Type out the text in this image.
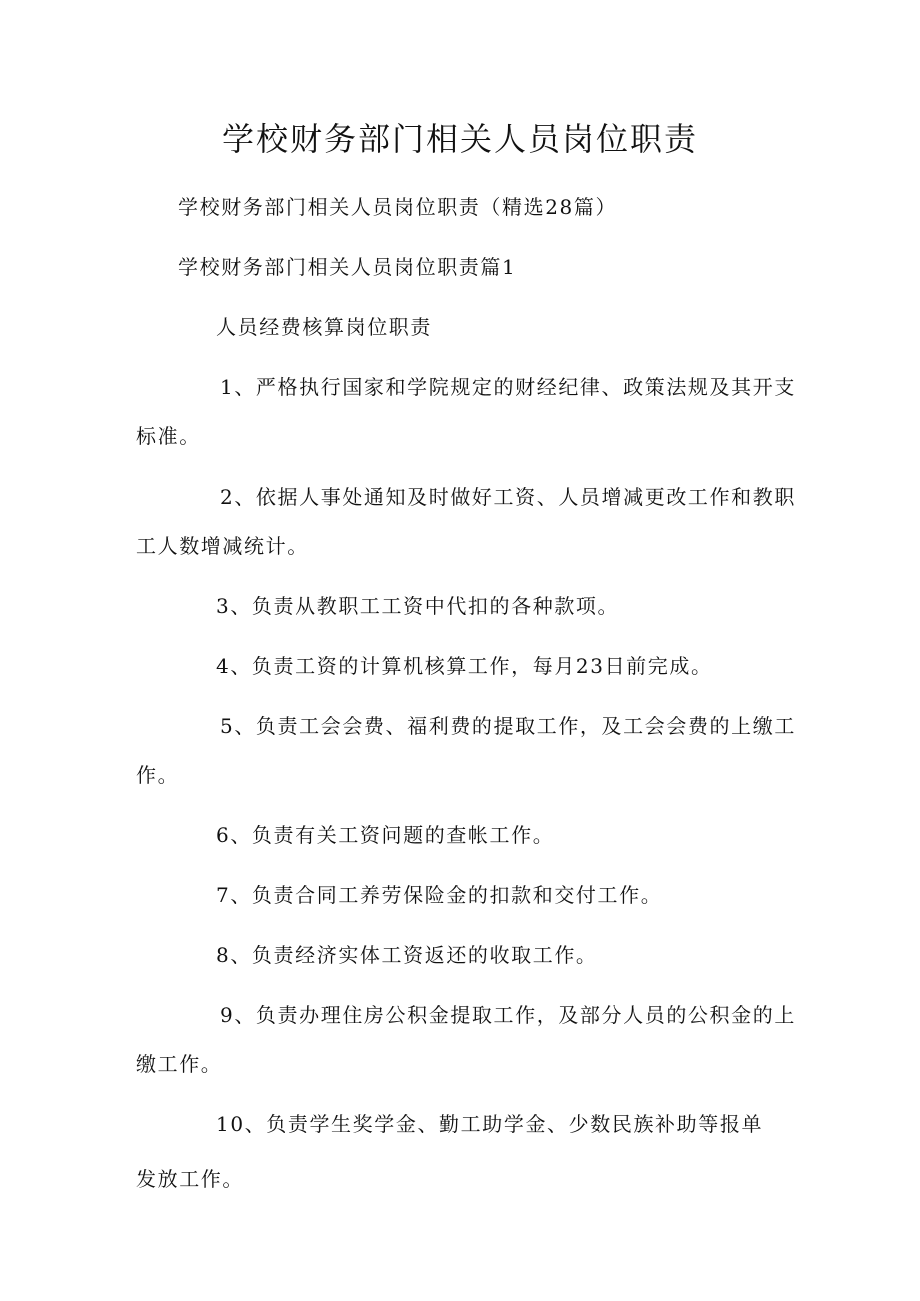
学校财务部门相关人员岗位职责

学校财务部门相关人员岗位职责（精选28篇）

学校财务部门相关人员岗位职责篇1

人员经费核算岗位职责

1、严格执行国家和学院规定的财经纪律、政策法规及其开支

标准。

2、依据人事处通知及时做好工资、人员增减更改工作和教职

工人数增减统计。

3、负责从教职工工资中代扣的各种款项。

4、负责工资的计算机核算工作，每月23日前完成。

5、负责工会会费、福利费的提取工作，及工会会费的上缴工

作。

6、负责有关工资问题的查帐工作。

7、负责合同工养劳保险金的扣款和交付工作。

8、负责经济实体工资返还的收取工作。

9、负责办理住房公积金提取工作，及部分人员的公积金的上

缴工作。

10、负责学生奖学金、勤工助学金、少数民族补助等报单

发放工作。
